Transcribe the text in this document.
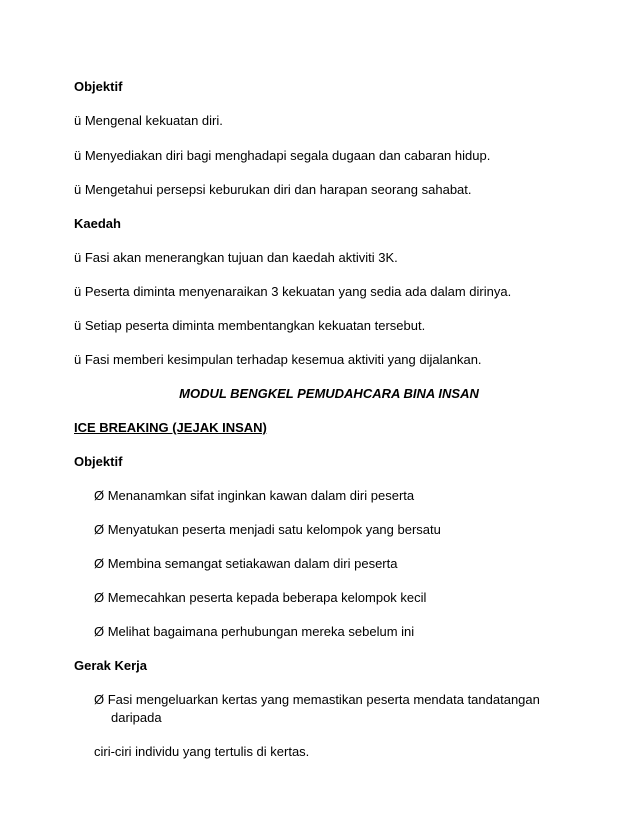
Objektif
ü Mengenal kekuatan diri.
ü Menyediakan diri bagi menghadapi segala dugaan dan cabaran hidup.
ü Mengetahui persepsi keburukan diri dan harapan seorang sahabat.
Kaedah
ü Fasi akan menerangkan tujuan dan kaedah aktiviti 3K.
ü Peserta diminta menyenaraikan 3 kekuatan yang sedia ada dalam dirinya.
ü Setiap peserta diminta membentangkan kekuatan tersebut.
ü Fasi memberi kesimpulan terhadap kesemua aktiviti yang dijalankan.
MODUL BENGKEL PEMUDAHCARA BINA INSAN
ICE BREAKING (JEJAK INSAN)
Objektif
Ø Menanamkan sifat inginkan kawan dalam diri peserta
Ø Menyatukan peserta menjadi satu kelompok yang bersatu
Ø Membina semangat setiakawan dalam diri peserta
Ø Memecahkan peserta kepada beberapa kelompok kecil
Ø Melihat bagaimana perhubungan mereka sebelum ini
Gerak Kerja
Ø Fasi mengeluarkan kertas yang memastikan peserta mendata tandatangan
daripada
ciri-ciri individu yang tertulis di kertas.
